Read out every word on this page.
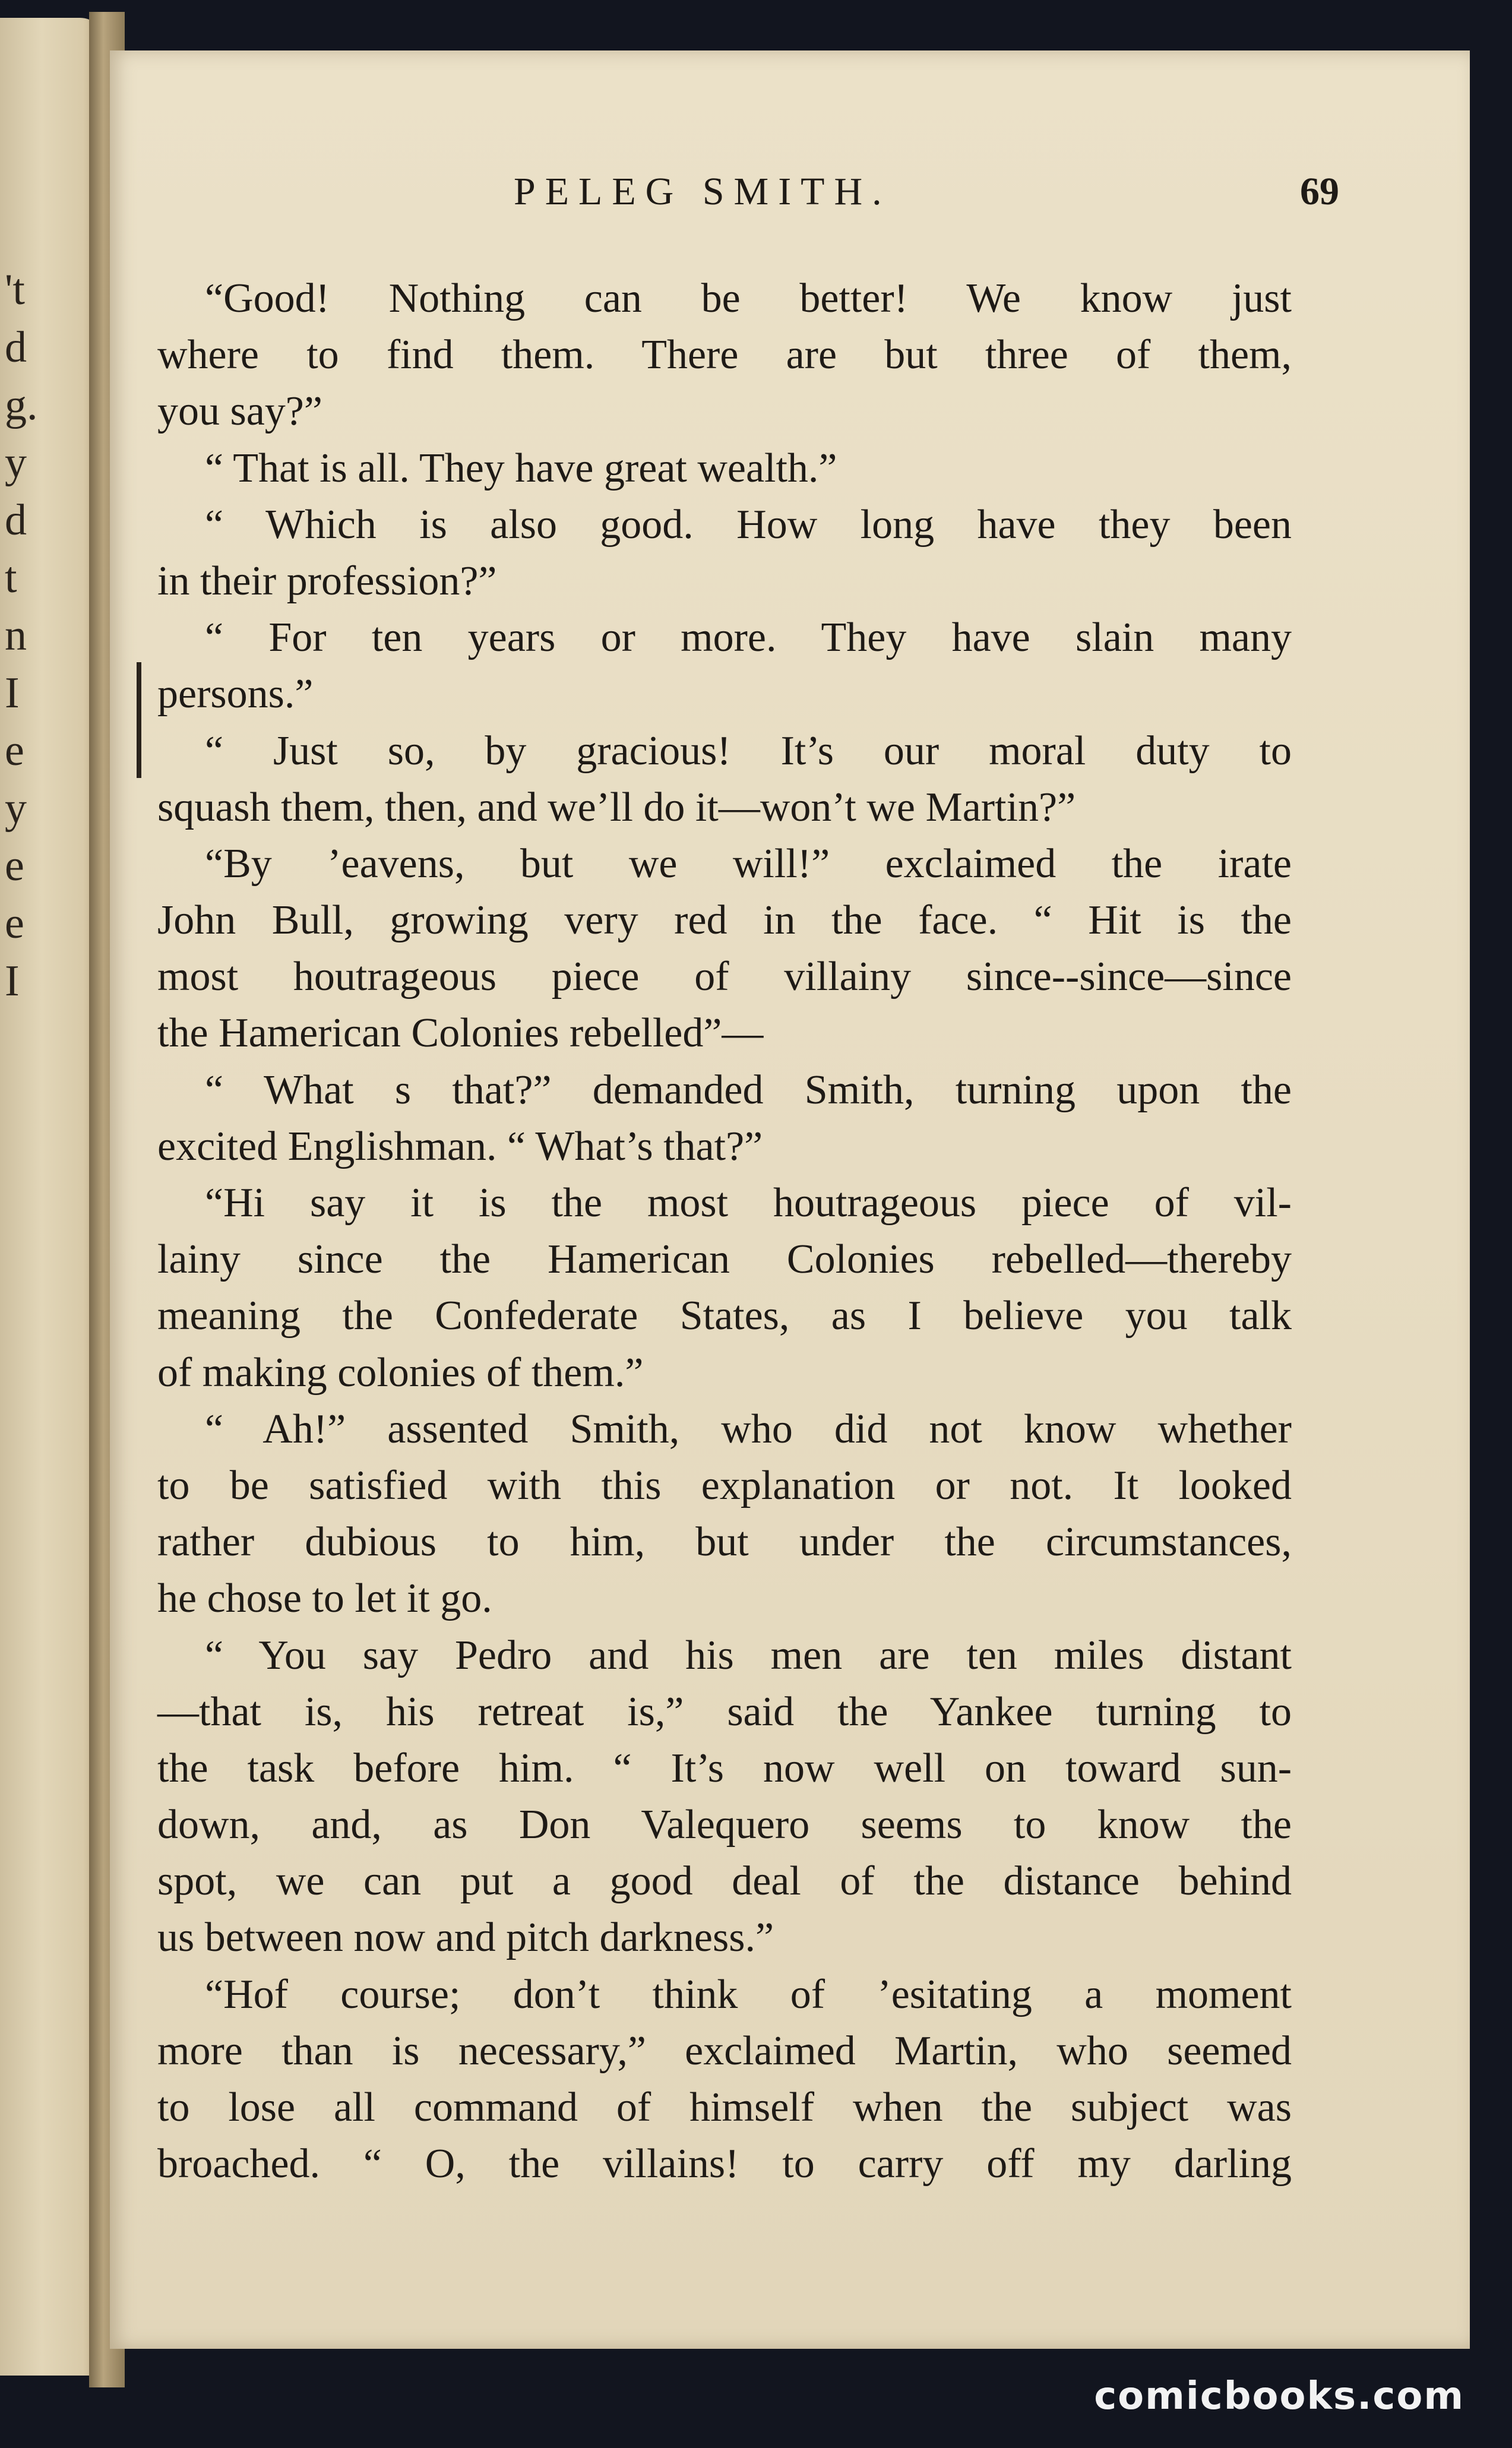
't
d
g.
y
d
t
n
I
e
y
e
e
I
PELEG SMITH.	69
“Good! Nothing can be better! We know just
where to find them. There are but three of them,
you say?”
“ That is all. They have great wealth.”
“ Which is also good. How long have they been
in their profession?”
“ For ten years or more. They have slain many
persons.”
“ Just so, by gracious! It’s our moral duty to
squash them, then, and we’ll do it—won’t we Martin?”
“By ’eavens, but we will!” exclaimed the irate
John Bull, growing very red in the face. “ Hit is the
most houtrageous piece of villainy since--since—since
the Hamerican Colonies rebelled”—
“ What s that?” demanded Smith, turning upon the
excited Englishman. “ What’s that?”
“Hi say it is the most houtrageous piece of vil-
lainy since the Hamerican Colonies rebelled—thereby
meaning the Confederate States, as I believe you talk
of making colonies of them.”
“ Ah!” assented Smith, who did not know whether
to be satisfied with this explanation or not. It looked
rather dubious to him, but under the circumstances,
he chose to let it go.
“ You say Pedro and his men are ten miles distant
—that is, his retreat is,” said the Yankee turning to
the task before him. “ It’s now well on toward sun-
down, and, as Don Valequero seems to know the
spot, we can put a good deal of the distance behind
us between now and pitch darkness.”
“Hof course; don’t think of ’esitating a moment
more than is necessary,” exclaimed Martin, who seemed
to lose all command of himself when the subject was
broached. “ O, the villains! to carry off my darling
comicbooks.com
